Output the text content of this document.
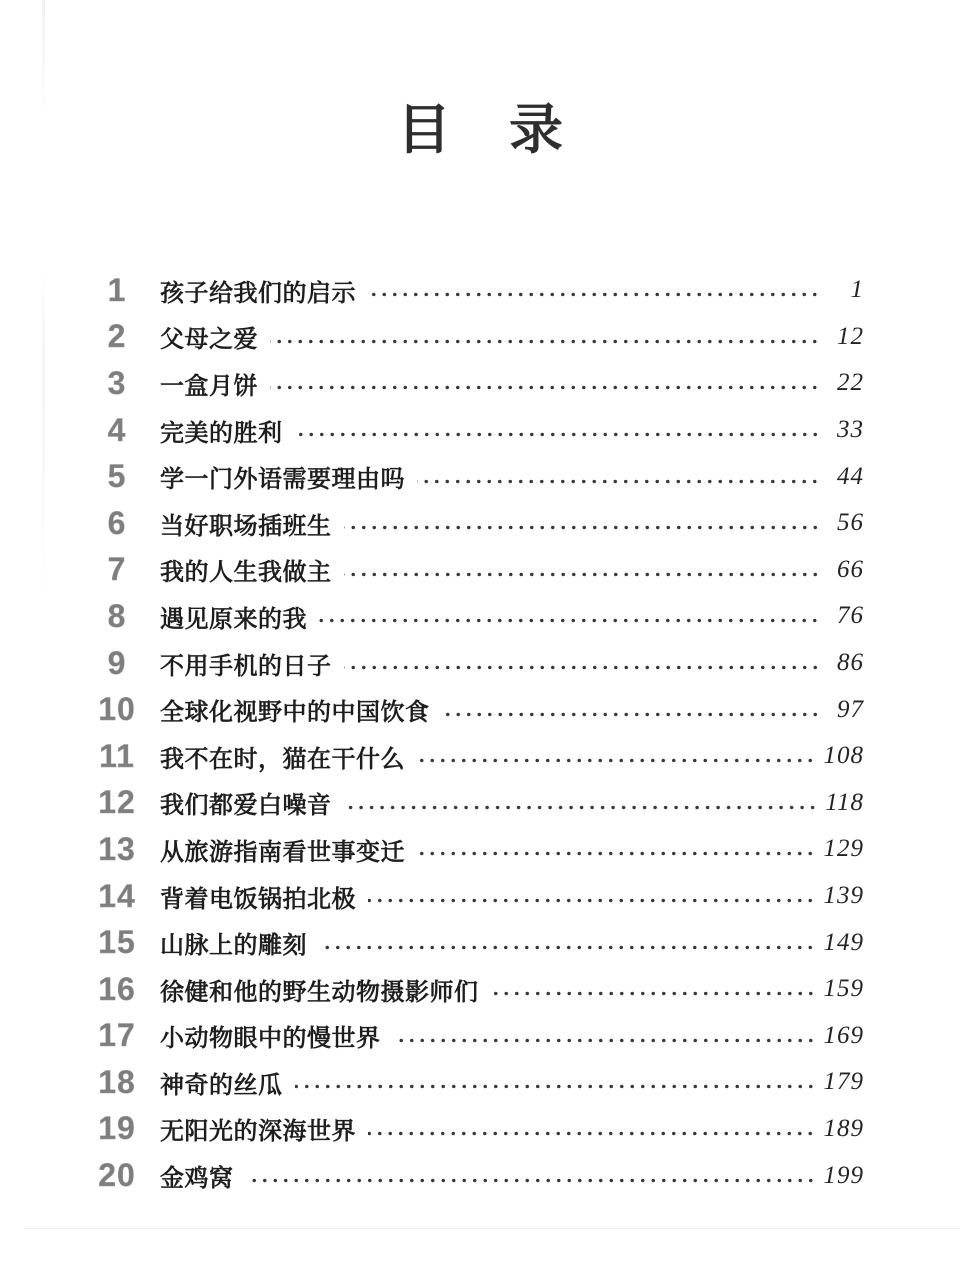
目 录
1	孩子给我们的启示	1
2	父母之爱	12
3	一盒月饼	22
4	完美的胜利	33
5	学一门外语需要理由吗	44
6	当好职场插班生	56
7	我的人生我做主	66
8	遇见原来的我	76
9	不用手机的日子	86
10	全球化视野中的中国饮食	97
11	我不在时，猫在干什么	108
12	我们都爱白噪音	118
13	从旅游指南看世事变迁	129
14	背着电饭锅拍北极	139
15	山脉上的雕刻	149
16	徐健和他的野生动物摄影师们	159
17	小动物眼中的慢世界	169
18	神奇的丝瓜	179
19	无阳光的深海世界	189
20	金鸡窝	199
